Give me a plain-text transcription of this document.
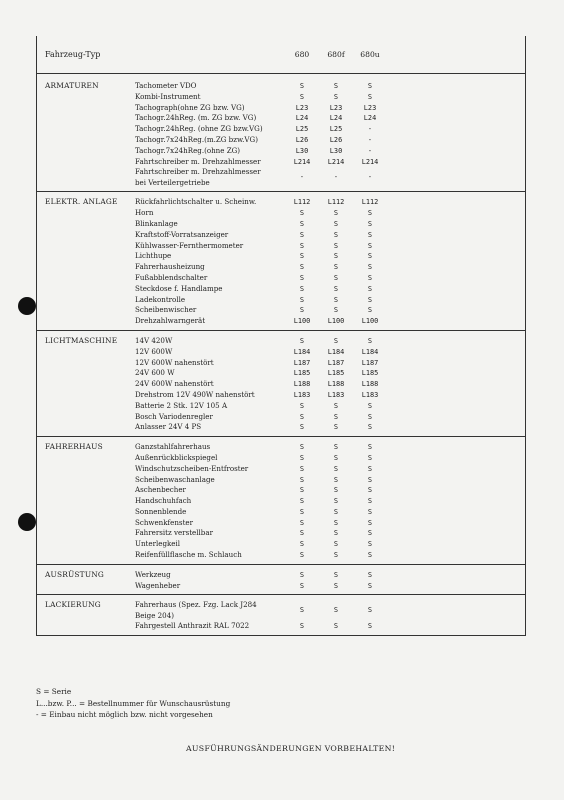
Fahrzeug-Typ	680	680f	680u
ARMATUREN	Tachometer VDO	S	S	S
Kombi-Instrument	S	S	S
Tachograph(ohne ZG bzw. VG)	L23	L23	L23
Tachogr.24hReg. (m. ZG bzw. VG)	L24	L24	L24
Tachogr.24hReg. (ohne ZG bzw.VG)	L25	L25	-
Tachogr.7x24hReg.(m.ZG bzw.VG)	L26	L26	-
Tachogr.7x24hReg.(ohne ZG)	L30	L30	-
Fahrtschreiber m. Drehzahlmesser	L214	L214	L214
Fahrtschreiber m. Drehzahlmesser
bei Verteilergetriebe
-	-	-
ELEKTR. ANLAGE	Rückfahrlichtschalter u. Scheinw.	L112	L112	L112
Horn	S	S	S
Blinkanlage	S	S	S
Kraftstoff-Vorratsanzeiger	S	S	S
Kühlwasser-Fernthermometer	S	S	S
Lichthupe	S	S	S
Fahrerhausheizung	S	S	S
Fußabblendschalter	S	S	S
Steckdose f. Handlampe	S	S	S
Ladekontrolle	S	S	S
Scheibenwischer	S	S	S
Drehzahlwarngerät	L100	L100	L100
LICHTMASCHINE	14V 420W	S	S	S
12V 600W	L184	L184	L184
12V 600W nahenstört	L187	L187	L187
24V 600 W	L185	L185	L185
24V 600W nahenstört	L188	L188	L188
Drehstrom 12V 490W nahenstört	L183	L183	L183
Batterie 2 Stk. 12V 105 A	S	S	S
Bosch Variodenregler	S	S	S
Anlasser 24V 4 PS	S	S	S
FAHRERHAUS	Ganzstahlfahrerhaus	S	S	S
Außenrückblickspiegel	S	S	S
Windschutzscheiben-Entfroster	S	S	S
Scheibenwaschanlage	S	S	S
Aschenbecher	S	S	S
Handschuhfach	S	S	S
Sonnenblende	S	S	S
Schwenkfenster	S	S	S
Fahrersitz verstellbar	S	S	S
Unterlegkeil	S	S	S
Reifenfüllflasche m. Schlauch	S	S	S
AUSRÜSTUNG	Werkzeug	S	S	S
Wagenheber	S	S	S
LACKIERUNG	Fahrerhaus (Spez. Fzg. Lack J284
Beige 204)
S	S	S
Fahrgestell Anthrazit RAL 7022	S	S	S
S = Serie
L...bzw. P... = Bestellnummer für Wunschausrüstung
- = Einbau nicht möglich bzw. nicht vorgesehen
AUSFÜHRUNGSÄNDERUNGEN VORBEHALTEN!
